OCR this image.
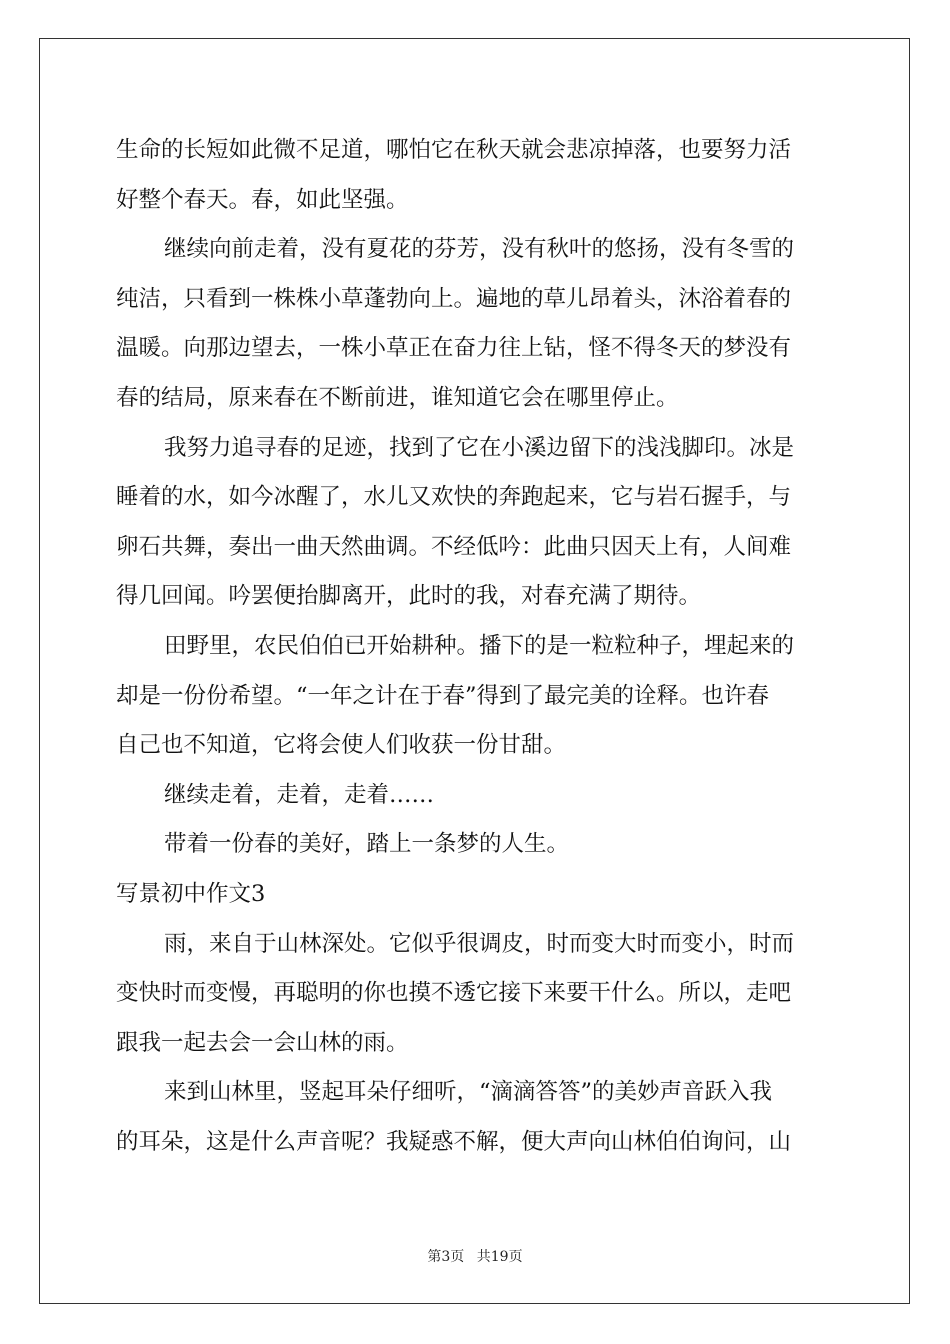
生命的长短如此微不足道，哪怕它在秋天就会悲凉掉落，也要努力活
好整个春天。春，如此坚强。
继续向前走着，没有夏花的芬芳，没有秋叶的悠扬，没有冬雪的
纯洁，只看到一株株小草蓬勃向上。遍地的草儿昂着头，沐浴着春的
温暖。向那边望去，一株小草正在奋力往上钻，怪不得冬天的梦没有
春的结局，原来春在不断前进，谁知道它会在哪里停止。
我努力追寻春的足迹，找到了它在小溪边留下的浅浅脚印。冰是
睡着的水，如今冰醒了，水儿又欢快的奔跑起来，它与岩石握手，与
卵石共舞，奏出一曲天然曲调。不经低吟：此曲只因天上有，人间难
得几回闻。吟罢便抬脚离开，此时的我，对春充满了期待。
田野里，农民伯伯已开始耕种。播下的是一粒粒种子，埋起来的
却是一份份希望。“一年之计在于春”得到了最完美的诠释。也许春
自己也不知道，它将会使人们收获一份甘甜。
继续走着，走着，走着……
带着一份春的美好，踏上一条梦的人生。
写景初中作文3
雨，来自于山林深处。它似乎很调皮，时而变大时而变小，时而
变快时而变慢，再聪明的你也摸不透它接下来要干什么。所以，走吧
跟我一起去会一会山林的雨。
来到山林里，竖起耳朵仔细听，“滴滴答答”的美妙声音跃入我
的耳朵，这是什么声音呢？我疑惑不解，便大声向山林伯伯询问，山
第3页 共19页
